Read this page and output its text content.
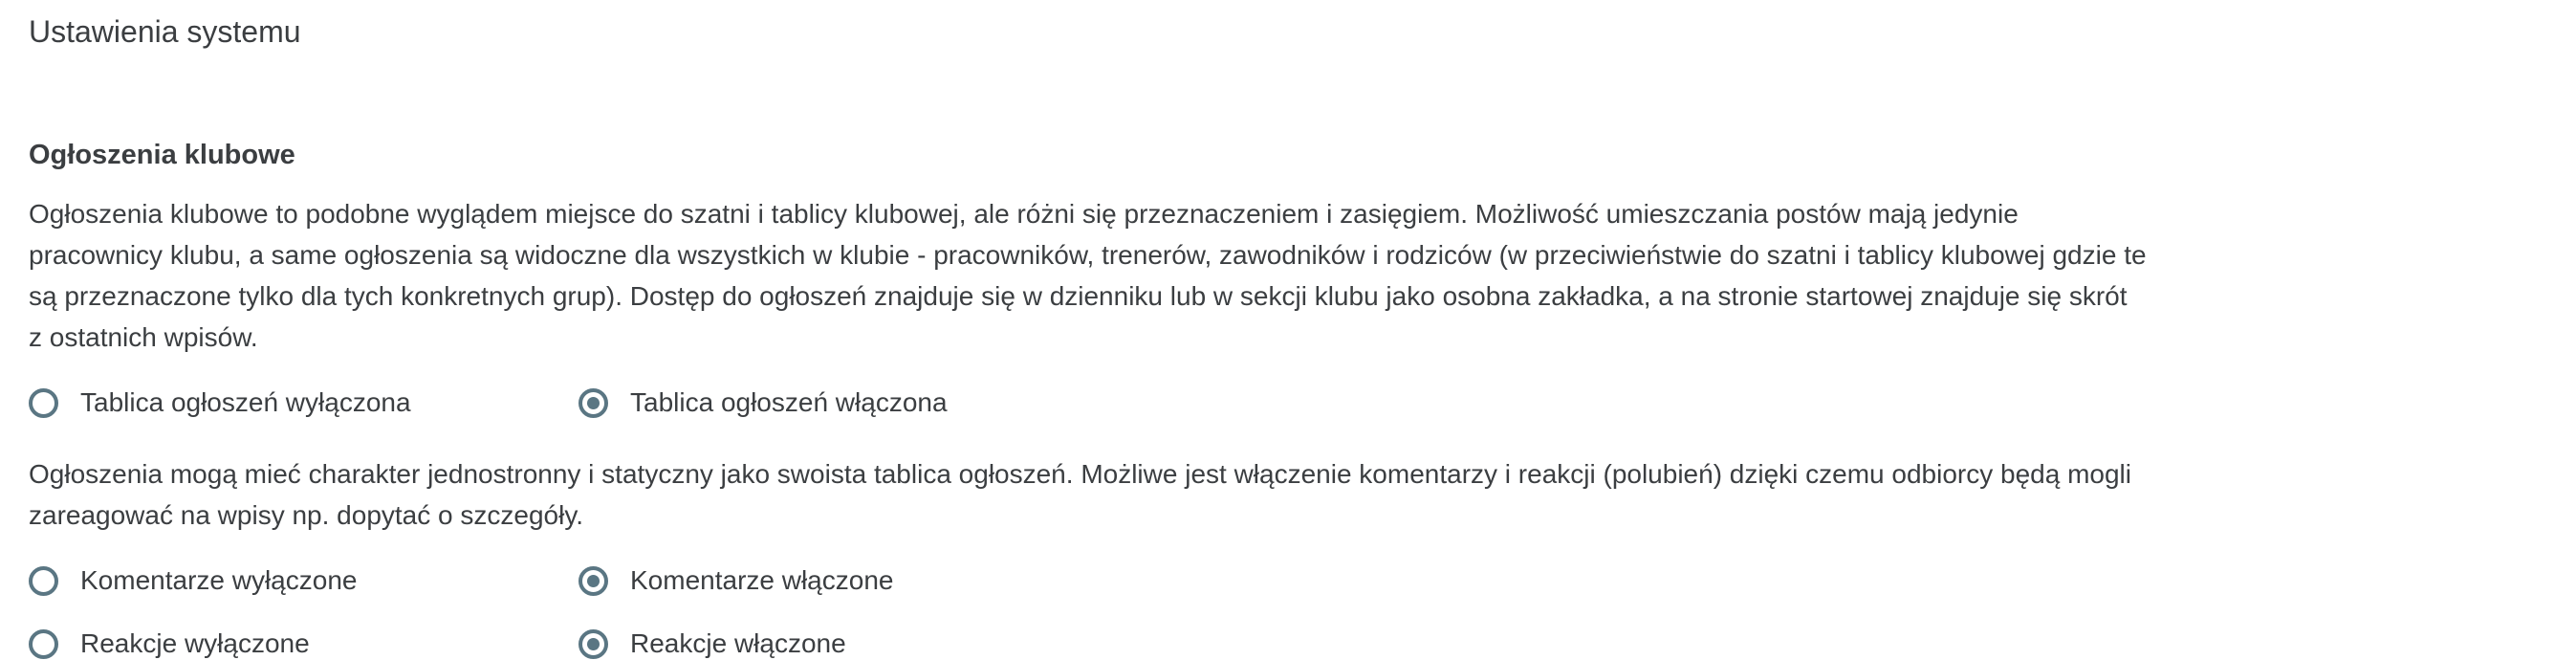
Ustawienia systemu
Ogłoszenia klubowe

Ogłoszenia klubowe to podobne wyglądem miejsce do szatni i tablicy klubowej, ale różni się przeznaczeniem i zasięgiem. Możliwość umieszczania postów mają jedynie pracownicy klubu, a same ogłoszenia są widoczne dla wszystkich w klubie - pracowników, trenerów, zawodników i rodziców (w przeciwieństwie do szatni i tablicy klubowej gdzie te są przeznaczone tylko dla tych konkretnych grup). Dostęp do ogłoszeń znajduje się w dzienniku lub w sekcji klubu jako osobna zakładka, a na stronie startowej znajduje się skrót z ostatnich wpisów.

Tablica ogłoszeń wyłączona	Tablica ogłoszeń włączona

Ogłoszenia mogą mieć charakter jednostronny i statyczny jako swoista tablica ogłoszeń. Możliwe jest włączenie komentarzy i reakcji (polubień) dzięki czemu odbiorcy będą mogli zareagować na wpisy np. dopytać o szczegóły.

Komentarze wyłączone	Komentarze włączone
Reakcje wyłączone	Reakcje włączone
